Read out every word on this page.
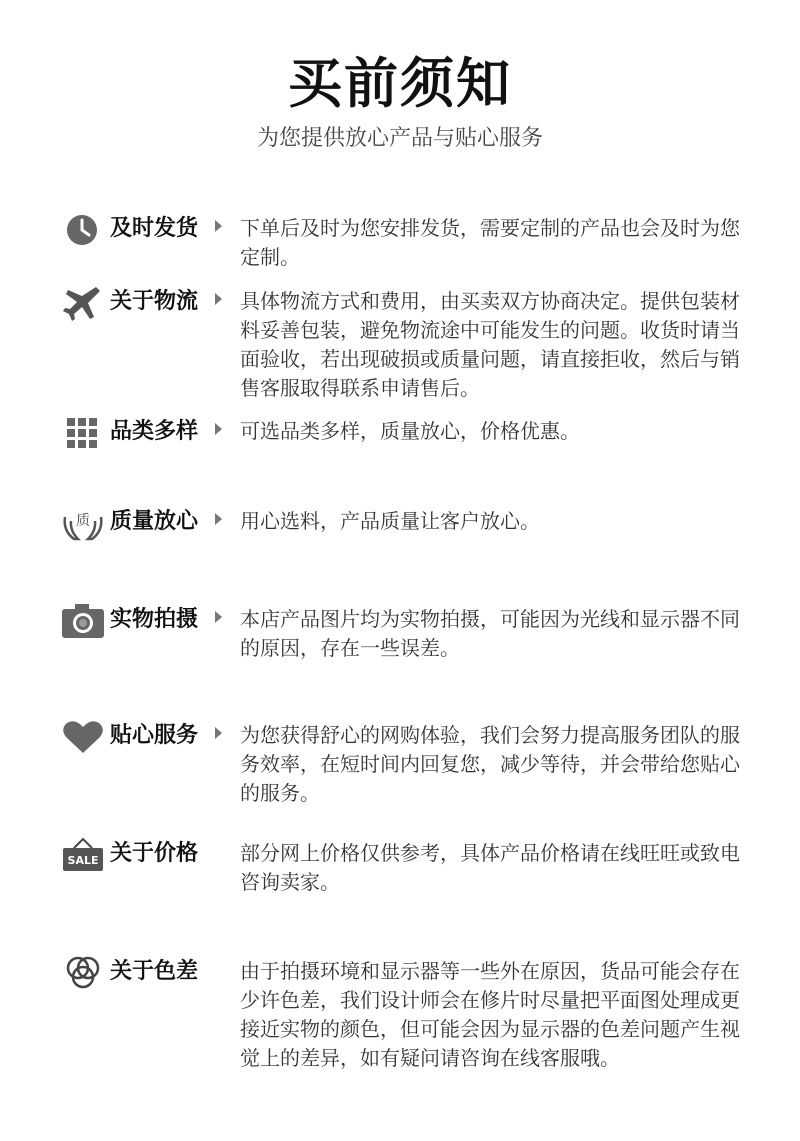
买前须知
为您提供放心产品与贴心服务
及时发货 下单后及时为您安排发货，需要定制的产品也会及时为您定制。
关于物流 具体物流方式和费用，由买卖双方协商决定。提供包装材料妥善包装，避免物流途中可能发生的问题。收货时请当面验收，若出现破损或质量问题，请直接拒收，然后与销售客服取得联系申请售后。
品类多样 可选品类多样，质量放心，价格优惠。
质 质量放心 用心选料，产品质量让客户放心。
实物拍摄 本店产品图片均为实物拍摄，可能因为光线和显示器不同的原因，存在一些误差。
贴心服务 为您获得舒心的网购体验，我们会努力提高服务团队的服务效率，在短时间内回复您，减少等待，并会带给您贴心的服务。
SALE 关于价格 部分网上价格仅供参考，具体产品价格请在线旺旺或致电咨询卖家。
关于色差 由于拍摄环境和显示器等一些外在原因，货品可能会存在少许色差，我们设计师会在修片时尽量把平面图处理成更接近实物的颜色，但可能会因为显示器的色差问题产生视觉上的差异，如有疑问请咨询在线客服哦。
